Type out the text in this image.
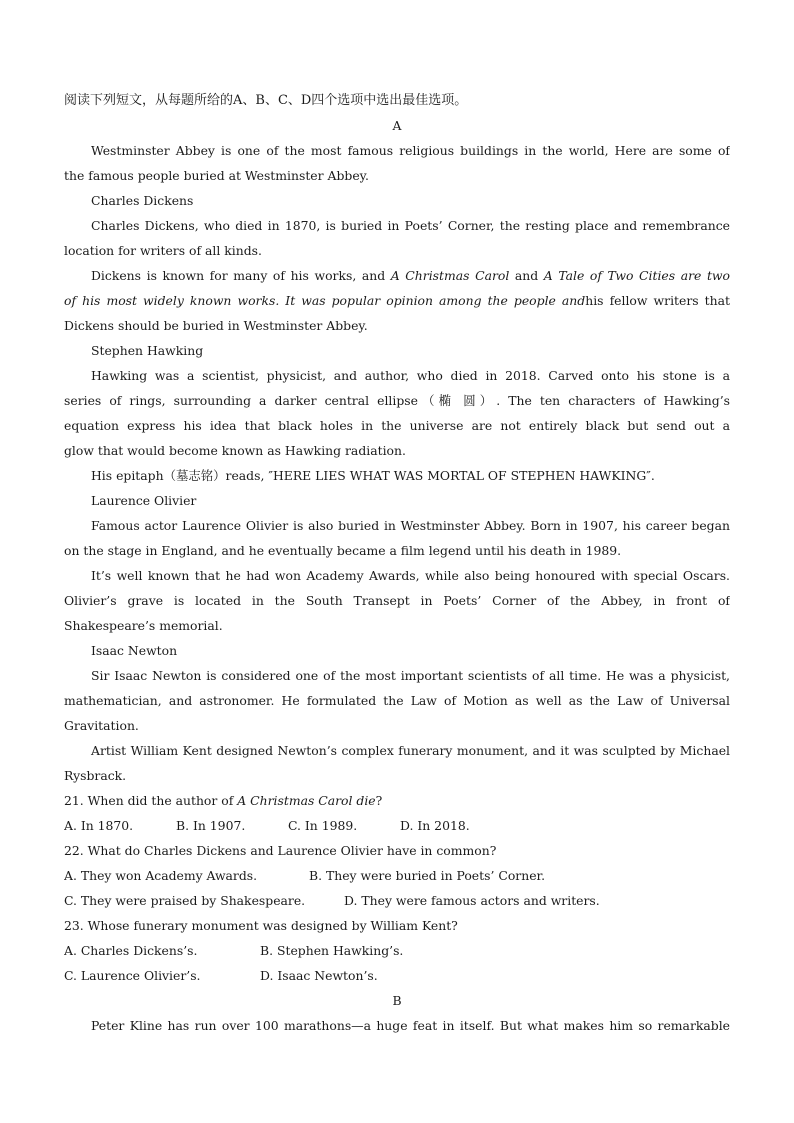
阅读下列短文，从每题所给的A、B、C、D四个选项中选出最佳选项。
A
Westminster Abbey is one of the most famous religious buildings in the world, Here are some of
the famous people buried at Westminster Abbey.
Charles Dickens
Charles Dickens, who died in 1870, is buried in Poets’ Corner, the resting place and remembrance
location for writers of all kinds.
Dickens is known for many of his works, and A Christmas Carol and A Tale of Two Cities are two
of his most widely known works. It was popular opinion among the people andhis fellow writers that
Dickens should be buried in Westminster Abbey.
Stephen Hawking
Hawking was a scientist, physicist, and author, who died in 2018. Carved onto his stone is a
series of rings, surrounding a darker central ellipse（椭 圆）. The ten characters of Hawking’s
equation express his idea that black holes in the universe are not entirely black but send out a
glow that would become known as Hawking radiation.
His epitaph（墓志铭）reads, ″HERE LIES WHAT WAS MORTAL OF STEPHEN HAWKING″.
Laurence Olivier
Famous actor Laurence Olivier is also buried in Westminster Abbey. Born in 1907, his career began
on the stage in England, and he eventually became a film legend until his death in 1989.
It’s well known that he had won Academy Awards, while also being honoured with special Oscars.
Olivier’s grave is located in the South Transept in Poets’ Corner of the Abbey, in front of
Shakespeare’s memorial.
Isaac Newton
Sir Isaac Newton is considered one of the most important scientists of all time. He was a physicist,
mathematician, and astronomer. He formulated the Law of Motion as well as the Law of Universal
Gravitation.
Artist William Kent designed Newton’s complex funerary monument, and it was sculpted by Michael
Rysbrack.
21. When did the author of A Christmas Carol die?
A. In 1870.	B. In 1907.	C. In 1989.	D. In 2018.
22. What do Charles Dickens and Laurence Olivier have in common?
A. They won Academy Awards.	B. They were buried in Poets’ Corner.
C. They were praised by Shakespeare.	D. They were famous actors and writers.
23. Whose funerary monument was designed by William Kent?
A. Charles Dickens’s.	B. Stephen Hawking’s.
C. Laurence Olivier’s.	D. Isaac Newton’s.
B
Peter Kline has run over 100 marathons—a huge feat in itself. But what makes him so remarkable
